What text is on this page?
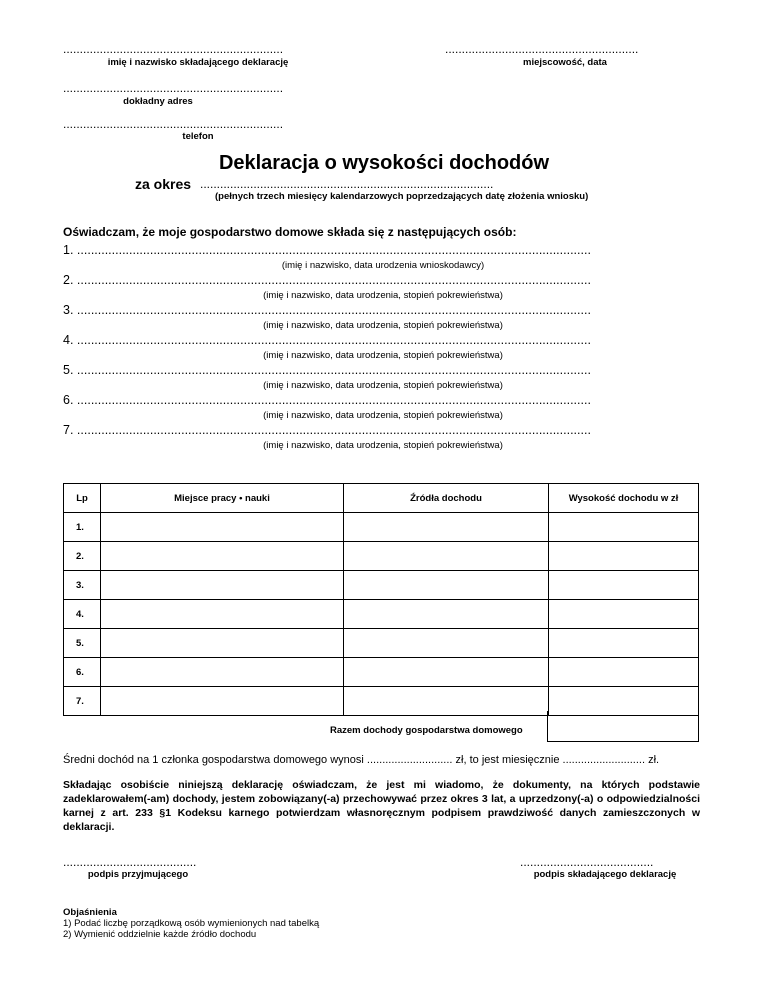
..................................................................
imię i nazwisko składającego deklarację
..........................................................
miejscowość, data
..................................................................
dokładny adres
..................................................................
telefon
Deklaracja o wysokości dochodów
za okres ........................................................................................
(pełnych trzech miesięcy kalendarzowych poprzedzających datę złożenia wniosku)
Oświadczam, że moje gospodarstwo domowe składa się z następujących osób:
1. ....................................................................................................................................................
(imię i nazwisko, data urodzenia wnioskodawcy)
2. ....................................................................................................................................................
(imię i nazwisko, data urodzenia, stopień pokrewieństwa)
3. ....................................................................................................................................................
(imię i nazwisko, data urodzenia, stopień pokrewieństwa)
4. ....................................................................................................................................................
(imię i nazwisko, data urodzenia, stopień pokrewieństwa)
5. ....................................................................................................................................................
(imię i nazwisko, data urodzenia, stopień pokrewieństwa)
6. ....................................................................................................................................................
(imię i nazwisko, data urodzenia, stopień pokrewieństwa)
7. ....................................................................................................................................................
(imię i nazwisko, data urodzenia, stopień pokrewieństwa)
Lp	Miejsce pracy • nauki	Źródła dochodu	Wysokość dochodu w zł
1.			
2.			
3.			
4.			
5.			
6.			
7.			
Razem dochody gospodarstwa domowego
Średni dochód na 1 członka gospodarstwa domowego wynosi ............................ zł, to jest miesięcznie ........................... zł.
Składając osobiście niniejszą deklarację oświadczam, że jest mi wiadomo, że dokumenty, na których podstawie zadeklarowałem(-am) dochody, jestem zobowiązany(-a) przechowywać przez okres 3 lat, a uprzedzony(-a) o odpowiedzialności karnej z art. 233 §1 Kodeksu karnego potwierdzam własnoręcznym podpisem prawdziwość danych zamieszczonych w deklaracji.
........................................
podpis przyjmującego
........................................
podpis składającego deklarację
Objaśnienia
1) Podać liczbę porządkową osób wymienionych nad tabelką
2) Wymienić oddzielnie każde źródło dochodu
